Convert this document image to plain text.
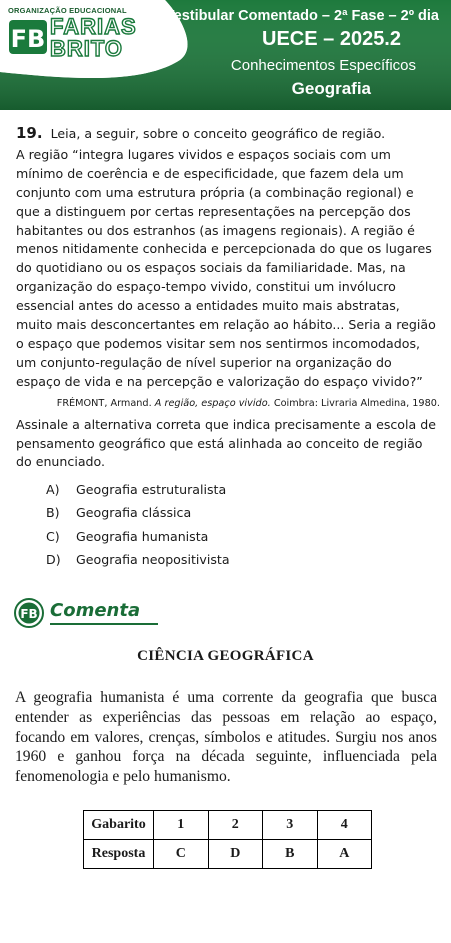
ORGANIZAÇÃO EDUCACIONAL
FB FARIAS
BRITO
Vestibular Comentado – 2ª Fase – 2º dia
UECE – 2025.2
Conhecimentos Específicos
Geografia
19. Leia, a seguir, sobre o conceito geográfico de região.
A região “integra lugares vividos e espaços sociais com um mínimo de coerência e de especificidade, que fazem dela um conjunto com uma estrutura própria (a combinação regional) e que a distinguem por certas representações na percepção dos habitantes ou dos estranhos (as imagens regionais). A região é menos nitidamente conhecida e percepcionada do que os lugares do quotidiano ou os espaços sociais da familiaridade. Mas, na organização do espaço-tempo vivido, constitui um invólucro essencial antes do acesso a entidades muito mais abstratas, muito mais desconcertantes em relação ao hábito... Seria a região o espaço que podemos visitar sem nos sentirmos incomodados, um conjunto-regulação de nível superior na organização do espaço de vida e na percepção e valorização do espaço vivido?”
FRÉMONT, Armand. A região, espaço vivido. Coimbra: Livraria Almedina, 1980.
Assinale a alternativa correta que indica precisamente a escola de pensamento geográfico que está alinhada ao conceito de região do enunciado.
A)	Geografia estruturalista
B)	Geografia clássica
C)	Geografia humanista
D)	Geografia neopositivista
FB Comenta
CIÊNCIA GEOGRÁFICA
A geografia humanista é uma corrente da geografia que busca entender as experiências das pessoas em relação ao espaço, focando em valores, crenças, símbolos e atitudes. Surgiu nos anos 1960 e ganhou força na década seguinte, influenciada pela fenomenologia e pelo humanismo.
Gabarito	1	2	3	4
Resposta	C	D	B	A
